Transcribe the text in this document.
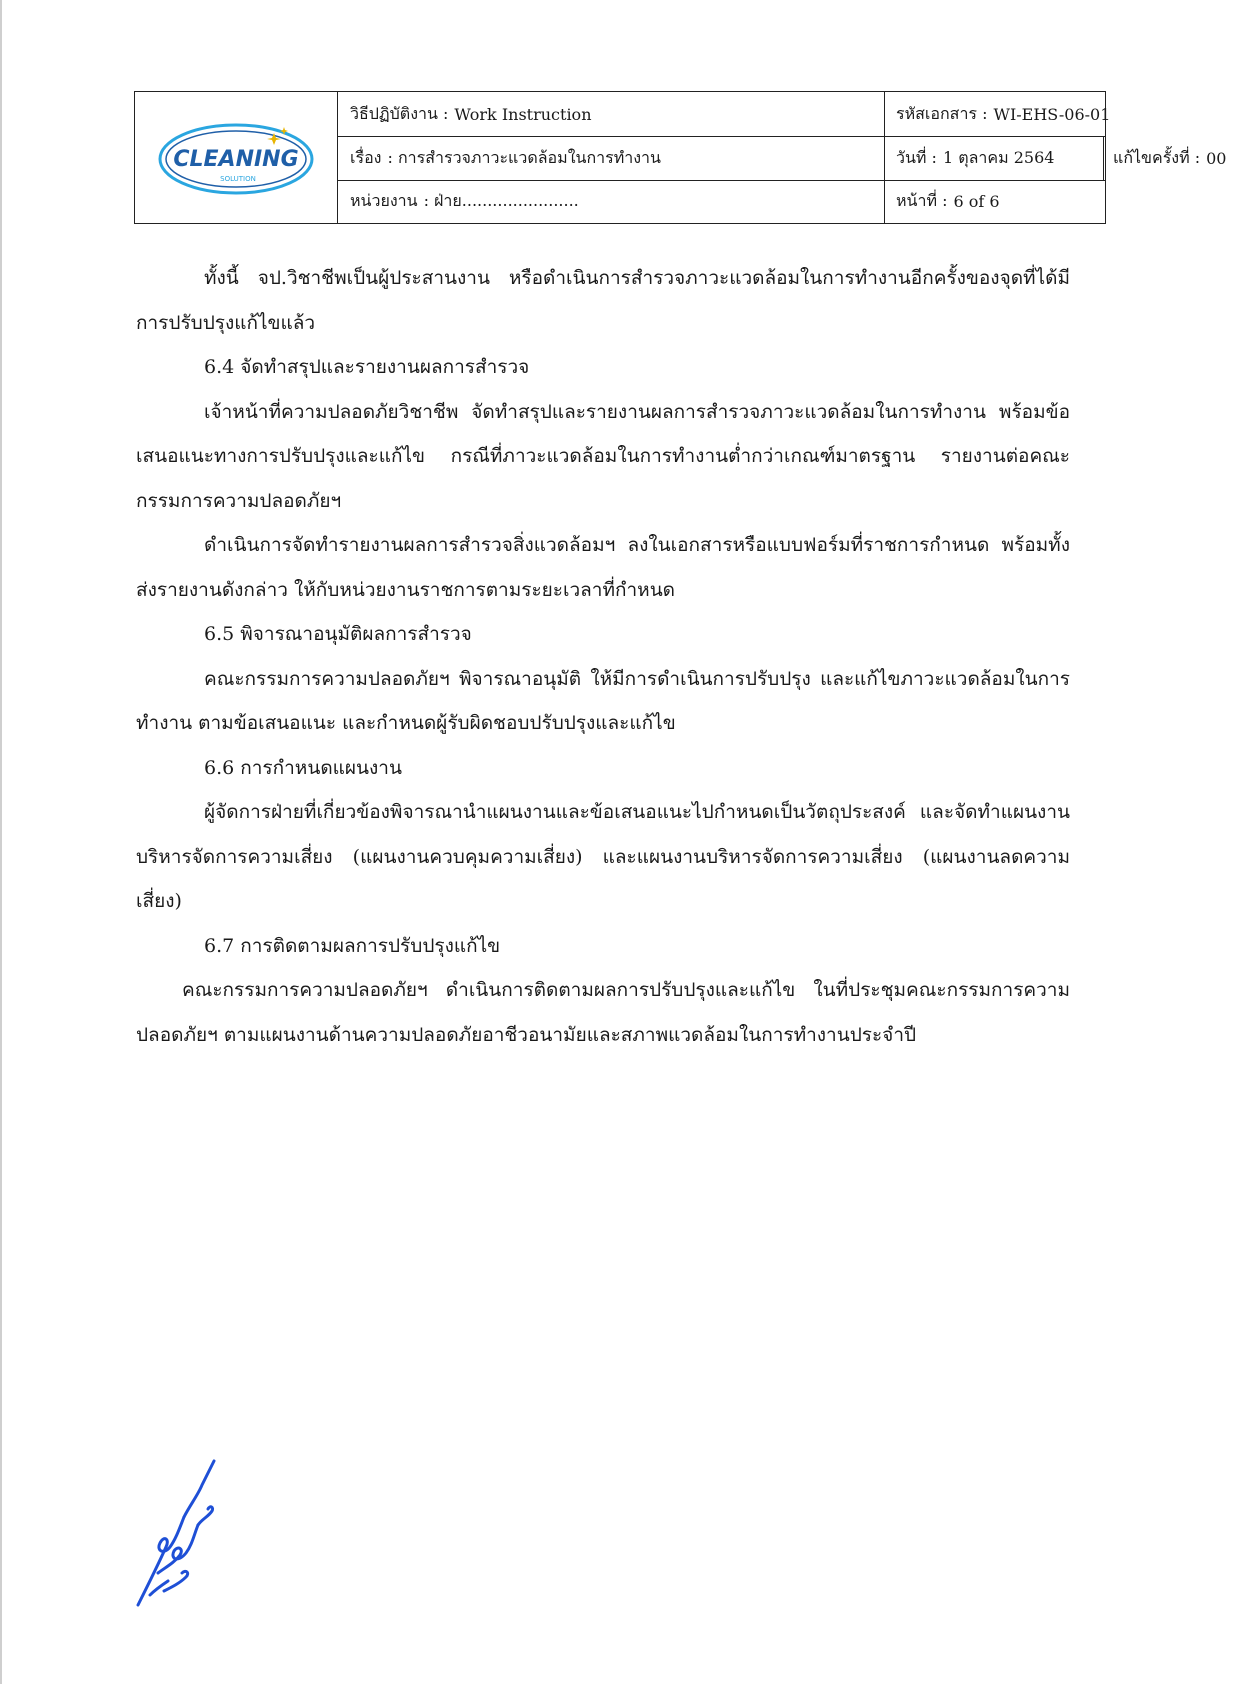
CLEANING
SOLUTION
วิธีปฏิบัติงาน : Work Instruction	รหัสเอกสาร : WI-EHS-06-01
เรื่อง : การสำรวจภาวะแวดล้อมในการทำงาน	วันที่ : 1 ตุลาคม 2564	แก้ไขครั้งที่ : 00
หน่วยงาน : ฝ่าย.......................	หน้าที่ : 6 of 6

ทั้งนี้ จป.วิชาชีพเป็นผู้ประสานงาน หรือดำเนินการสำรวจภาวะแวดล้อมในการทำงานอีกครั้งของจุดที่ได้มีการปรับปรุงแก้ไขแล้ว

6.4 จัดทำสรุปและรายงานผลการสำรวจ

เจ้าหน้าที่ความปลอดภัยวิชาชีพ จัดทำสรุปและรายงานผลการสำรวจภาวะแวดล้อมในการทำงาน พร้อมข้อเสนอแนะทางการปรับปรุงและแก้ไข กรณีที่ภาวะแวดล้อมในการทำงานต่ำกว่าเกณฑ์มาตรฐาน รายงานต่อคณะกรรมการความปลอดภัยฯ

ดำเนินการจัดทำรายงานผลการสำรวจสิ่งแวดล้อมฯ ลงในเอกสารหรือแบบฟอร์มที่ราชการกำหนด พร้อมทั้งส่งรายงานดังกล่าว ให้กับหน่วยงานราชการตามระยะเวลาที่กำหนด

6.5 พิจารณาอนุมัติผลการสำรวจ

คณะกรรมการความปลอดภัยฯ พิจารณาอนุมัติ ให้มีการดำเนินการปรับปรุง และแก้ไขภาวะแวดล้อมในการทำงาน ตามข้อเสนอแนะ และกำหนดผู้รับผิดชอบปรับปรุงและแก้ไข

6.6 การกำหนดแผนงาน

ผู้จัดการฝ่ายที่เกี่ยวข้องพิจารณานำแผนงานและข้อเสนอแนะไปกำหนดเป็นวัตถุประสงค์ และจัดทำแผนงานบริหารจัดการความเสี่ยง (แผนงานควบคุมความเสี่ยง) และแผนงานบริหารจัดการความเสี่ยง (แผนงานลดความเสี่ยง)

6.7 การติดตามผลการปรับปรุงแก้ไข

คณะกรรมการความปลอดภัยฯ ดำเนินการติดตามผลการปรับปรุงและแก้ไข ในที่ประชุมคณะกรรมการความปลอดภัยฯ ตามแผนงานด้านความปลอดภัยอาชีวอนามัยและสภาพแวดล้อมในการทำงานประจำปี
